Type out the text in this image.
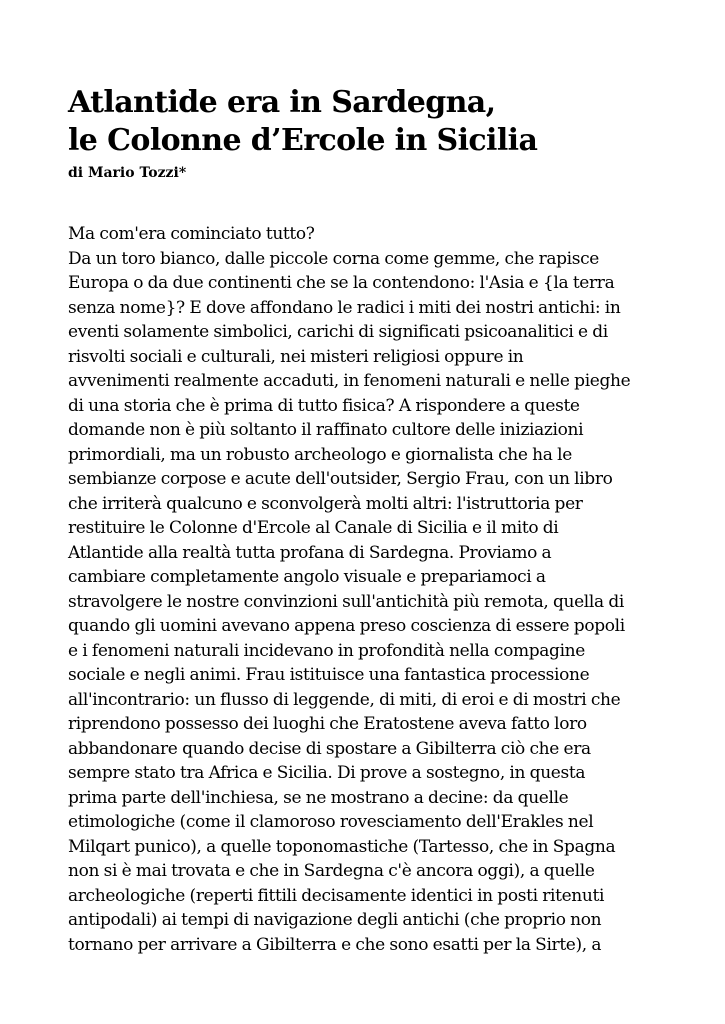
Atlantide era in Sardegna,
le Colonne d’Ercole in Sicilia
di Mario Tozzi*
Ma com'era cominciato tutto?
Da un toro bianco, dalle piccole corna come gemme, che rapisce
Europa o da due continenti che se la contendono: l'Asia e {la terra
senza nome}? E dove affondano le radici i miti dei nostri antichi: in
eventi solamente simbolici, carichi di significati psicoanalitici e di
risvolti sociali e culturali, nei misteri religiosi oppure in
avvenimenti realmente accaduti, in fenomeni naturali e nelle pieghe
di una storia che è prima di tutto fisica? A rispondere a queste
domande non è più soltanto il raffinato cultore delle iniziazioni
primordiali, ma un robusto archeologo e giornalista che ha le
sembianze corpose e acute dell'outsider, Sergio Frau, con un libro
che irriterà qualcuno e sconvolgerà molti altri: l'istruttoria per
restituire le Colonne d'Ercole al Canale di Sicilia e il mito di
Atlantide alla realtà tutta profana di Sardegna. Proviamo a
cambiare completamente angolo visuale e prepariamoci a
stravolgere le nostre convinzioni sull'antichità più remota, quella di
quando gli uomini avevano appena preso coscienza di essere popoli
e i fenomeni naturali incidevano in profondità nella compagine
sociale e negli animi. Frau istituisce una fantastica processione
all'incontrario: un flusso di leggende, di miti, di eroi e di mostri che
riprendono possesso dei luoghi che Eratostene aveva fatto loro
abbandonare quando decise di spostare a Gibilterra ciò che era
sempre stato tra Africa e Sicilia. Di prove a sostegno, in questa
prima parte dell'inchiesa, se ne mostrano a decine: da quelle
etimologiche (come il clamoroso rovesciamento dell'Erakles nel
Milqart punico), a quelle toponomastiche (Tartesso, che in Spagna
non si è mai trovata e che in Sardegna c'è ancora oggi), a quelle
archeologiche (reperti fittili decisamente identici in posti ritenuti
antipodali) ai tempi di navigazione degli antichi (che proprio non
tornano per arrivare a Gibilterra e che sono esatti per la Sirte), a
